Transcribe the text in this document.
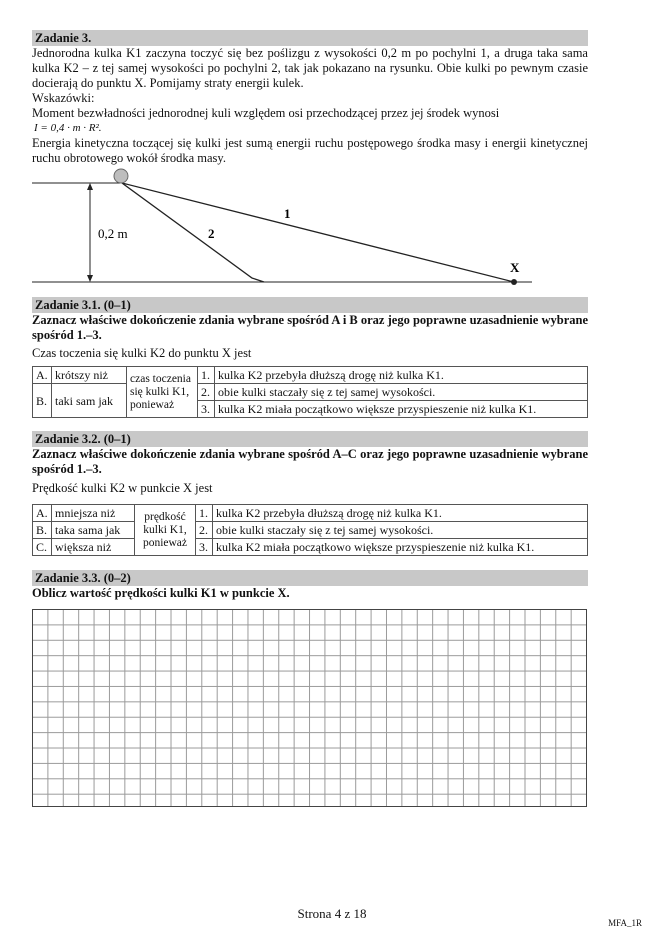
Zadanie 3.

Jednorodna kulka K1 zaczyna toczyć się bez poślizgu z wysokości 0,2 m po pochylni 1, a druga taka sama kulka K2 – z tej samej wysokości po pochylni 2, tak jak pokazano na rysunku. Obie kulki po pewnym czasie docierają do punktu X. Pomijamy straty energii kulek.

Wskazówki:

Moment bezwładności jednorodnej kuli względem osi przechodzącej przez jej środek wynosi

I = 0,4 · m · R².

Energia kinetyczna toczącej się kulki jest sumą energii ruchu postępowego środka masy i energii kinetycznej ruchu obrotowego wokół środka masy.

0,2 m
1
2
X
Zadanie 3.1. (0–1)

Zaznacz właściwe dokończenie zdania wybrane spośród A i B oraz jego poprawne uzasadnienie wybrane spośród 1.–3.

Czas toczenia się kulki K2 do punktu X jest

A.	krótszy niż	czas toczenia się kulki K1, ponieważ	1.	kulka K2 przebyła dłuższą drogę niż kulka K1.

B.	taki sam jak		2.	obie kulki staczały się z tej samej wysokości.

			3.	kulka K2 miała początkowo większe przyspieszenie niż kulka K1.

Zadanie 3.2. (0–1)

Zaznacz właściwe dokończenie zdania wybrane spośród A–C oraz jego poprawne uzasadnienie wybrane spośród 1.–3.

Prędkość kulki K2 w punkcie X jest

A.	mniejsza niż	prędkość kulki K1, ponieważ	1.	kulka K2 przebyła dłuższą drogę niż kulka K1.
B.	taka sama jak		2.	obie kulki staczały się z tej samej wysokości.
C.	większa niż		3.	kulka K2 miała początkowo większe przyspieszenie niż kulka K1.
Zadanie 3.3. (0–2)

Oblicz wartość prędkości kulki K1 w punkcie X.

Strona 4 z 18
MFA_1R
